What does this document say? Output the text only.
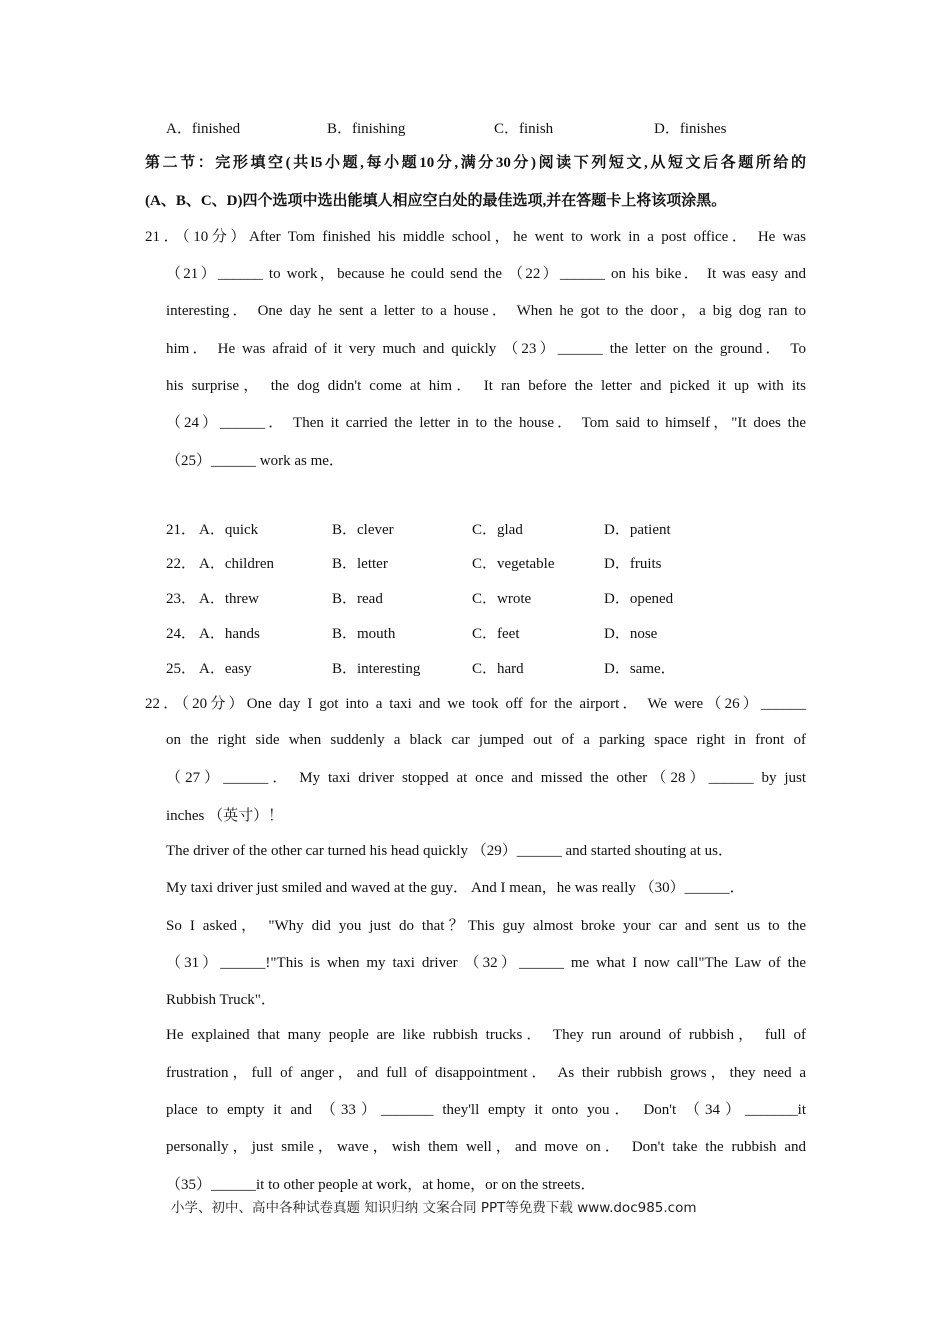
A．finished	B．finishing	C．finish	D．finishes
第二节：完形填空(共l5小题,每小题10分,满分30分)阅读下列短文,从短文后各题所给的
(A、B、C、D)四个选项中选出能填人相应空白处的最佳选项,并在答题卡上将该项涂黑。
21．（10分）After Tom finished his middle school，he went to work in a post office． He was
（21）______ to work，because he could send the （22）______ on his bike． It was easy and
interesting． One day he sent a letter to a house． When he got to the door，a big dog ran to
him． He was afraid of it very much and quickly （23）______ the letter on the ground． To
his surprise， the dog didn't come at him． It ran before the letter and picked it up with its
（24）______． Then it carried the letter in to the house． Tom said to himself，"It does the
（25）______ work as me．
21． A．quick	B．clever	C．glad	D．patient
22． A．children	B．letter	C．vegetable	D．fruits
23． A．threw	B．read	C．wrote	D．opened
24． A．hands	B．mouth	C．feet	D．nose
25． A．easy	B．interesting	C．hard	D．same．
22．（20分）One day I got into a taxi and we took off for the airport． We were（26）______
on the right side when suddenly a black car jumped out of a parking space right in front of
（27）______． My taxi driver stopped at once and missed the other（28）______ by just
inches （英寸）！
The driver of the other car turned his head quickly （29）______ and started shouting at us．
My taxi driver just smiled and waved at the guy． And I mean，he was really （30）______．
So I asked， "Why did you just do that？This guy almost broke your car and sent us to the
（31）______!"This is when my taxi driver （32）______ me what I now call"The Law of the
Rubbish Truck"．
He explained that many people are like rubbish trucks． They run around of rubbish， full of
frustration，full of anger，and full of disappointment． As their rubbish grows，they need a
place to empty it and （33）_______ they'll empty it onto you． Don't （34）_______it
personally，just smile，wave，wish them well，and move on． Don't take the rubbish and
（35）______it to other people at work，at home，or on the streets．
小学、初中、高中各种试卷真题 知识归纳 文案合同 PPT等免费下载 www.doc985.com
